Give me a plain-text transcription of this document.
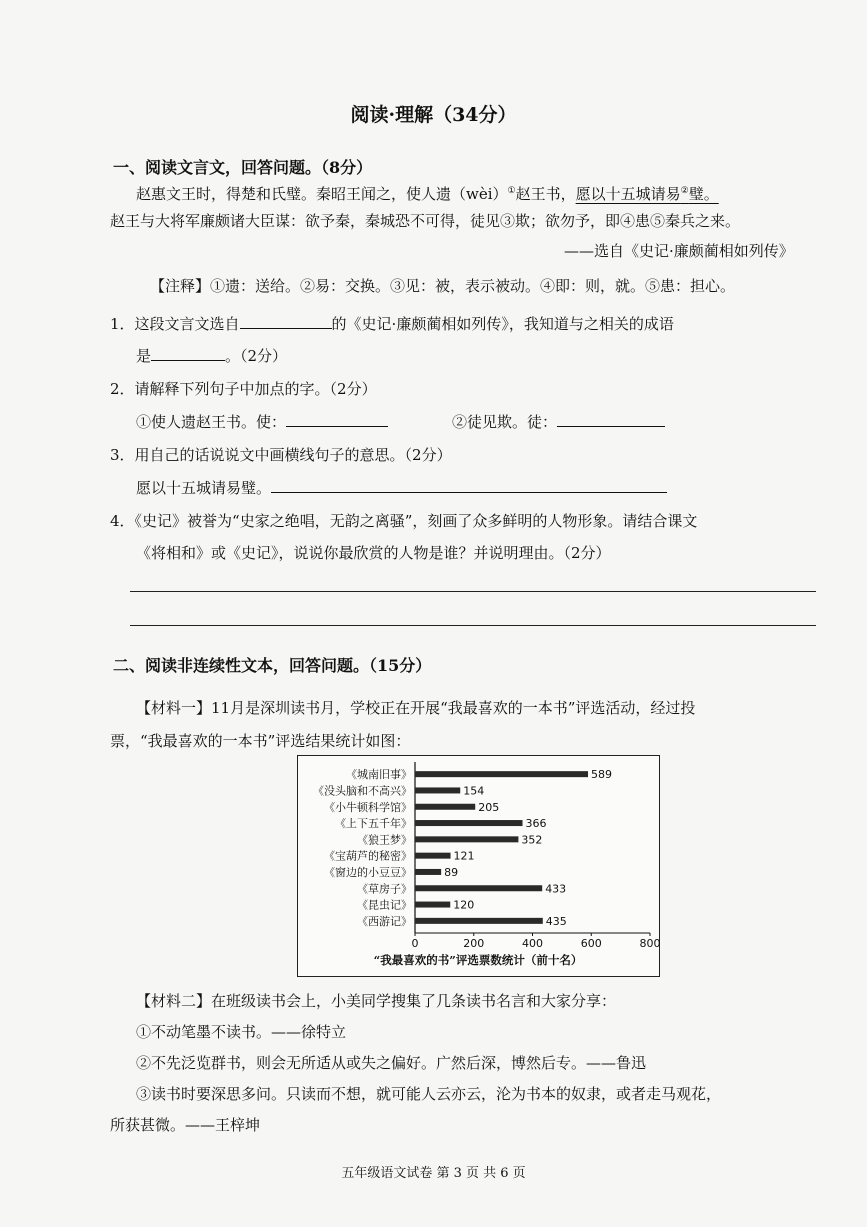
阅读·理解（34分）
一、阅读文言文，回答问题。（8分）
赵惠文王时，得楚和氏璧。秦昭王闻之，使人遗（wèi）①赵王书，愿以十五城请易②璧。
赵王与大将军廉颇诸大臣谋：欲予秦，秦城恐不可得，徒见③欺；欲勿予，即④患⑤秦兵之来。
——选自《史记·廉颇蔺相如列传》
【注释】①遗：送给。②易：交换。③见：被，表示被动。④即：则，就。⑤患：担心。
1．这段文言文选自	的《史记·廉颇蔺相如列传》，我知道与之相关的成语
是	。（2分）
2．请解释下列句子中加点的字。（2分）
①使人遗赵王书。使：	②徒见欺。徒：
3．用自己的话说说文中画横线句子的意思。（2分）
愿以十五城请易璧。
4．《史记》被誉为“史家之绝唱，无韵之离骚”，刻画了众多鲜明的人物形象。请结合课文
《将相和》或《史记》，说说你最欣赏的人物是谁？并说明理由。（2分）
二、阅读非连续性文本，回答问题。（15分）
【材料一】11月是深圳读书月，学校正在开展“我最喜欢的一本书”评选活动，经过投
票，“我最喜欢的一本书”评选结果统计如图：
《城南旧事》	589
《没头脑和不高兴》	154
《小牛顿科学馆》	205
《上下五千年》	366
《狼王梦》	352
《宝葫芦的秘密》	121
《窗边的小豆豆》	89
《草房子》	433
《昆虫记》	120
《西游记》	435
0	200	400	600	800
“我最喜欢的书”评选票数统计（前十名）
【材料二】在班级读书会上，小美同学搜集了几条读书名言和大家分享：
①不动笔墨不读书。——徐特立
②不先泛览群书，则会无所适从或失之偏好。广然后深，博然后专。——鲁迅
③读书时要深思多问。只读而不想，就可能人云亦云，沦为书本的奴隶，或者走马观花，
所获甚微。——王梓坤
五年级语文试卷 第 3 页 共 6 页
